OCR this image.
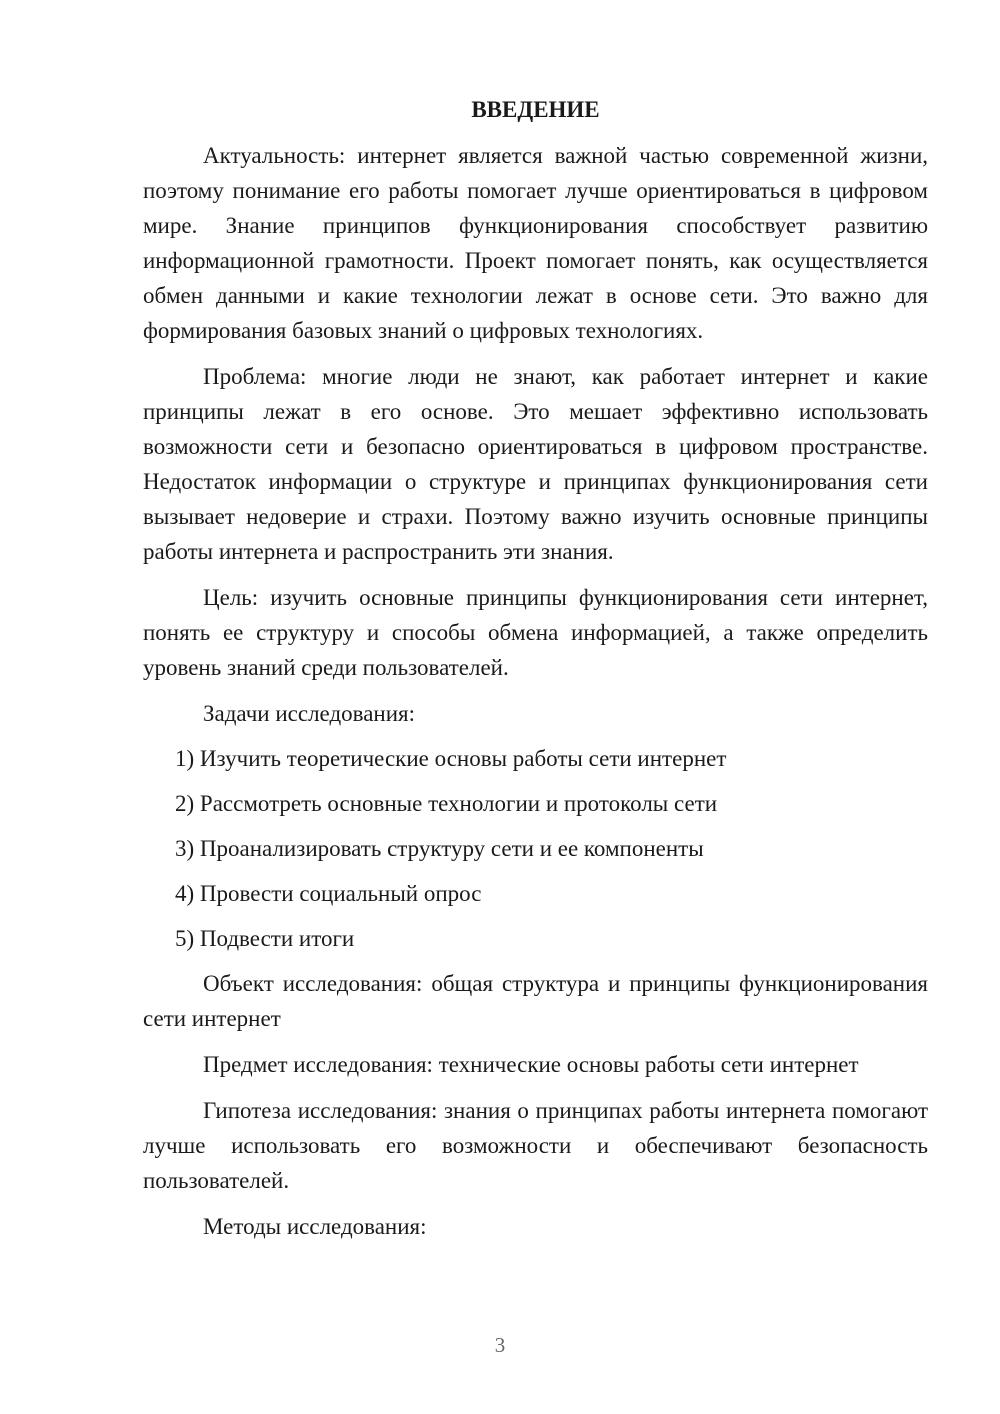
ВВЕДЕНИЕ

Актуальность: интернет является важной частью современной жизни, поэтому понимание его работы помогает лучше ориентироваться в цифровом мире. Знание принципов функционирования способствует развитию информационной грамотности. Проект помогает понять, как осуществляется обмен данными и какие технологии лежат в основе сети. Это важно для формирования базовых знаний о цифровых технологиях.

Проблема: многие люди не знают, как работает интернет и какие принципы лежат в его основе. Это мешает эффективно использовать возможности сети и безопасно ориентироваться в цифровом пространстве. Недостаток информации о структуре и принципах функционирования сети вызывает недоверие и страхи. Поэтому важно изучить основные принципы работы интернета и распространить эти знания.

Цель: изучить основные принципы функционирования сети интернет, понять ее структуру и способы обмена информацией, а также определить уровень знаний среди пользователей.

Задачи исследования:
1) Изучить теоретические основы работы сети интернет
2) Рассмотреть основные технологии и протоколы сети
3) Проанализировать структуру сети и ее компоненты
4) Провести социальный опрос
5) Подвести итоги

Объект исследования: общая структура и принципы функционирования сети интернет

Предмет исследования: технические основы работы сети интернет

Гипотеза исследования: знания о принципах работы интернета помогают лучше использовать его возможности и обеспечивают безопасность пользователей.

Методы исследования:
3
